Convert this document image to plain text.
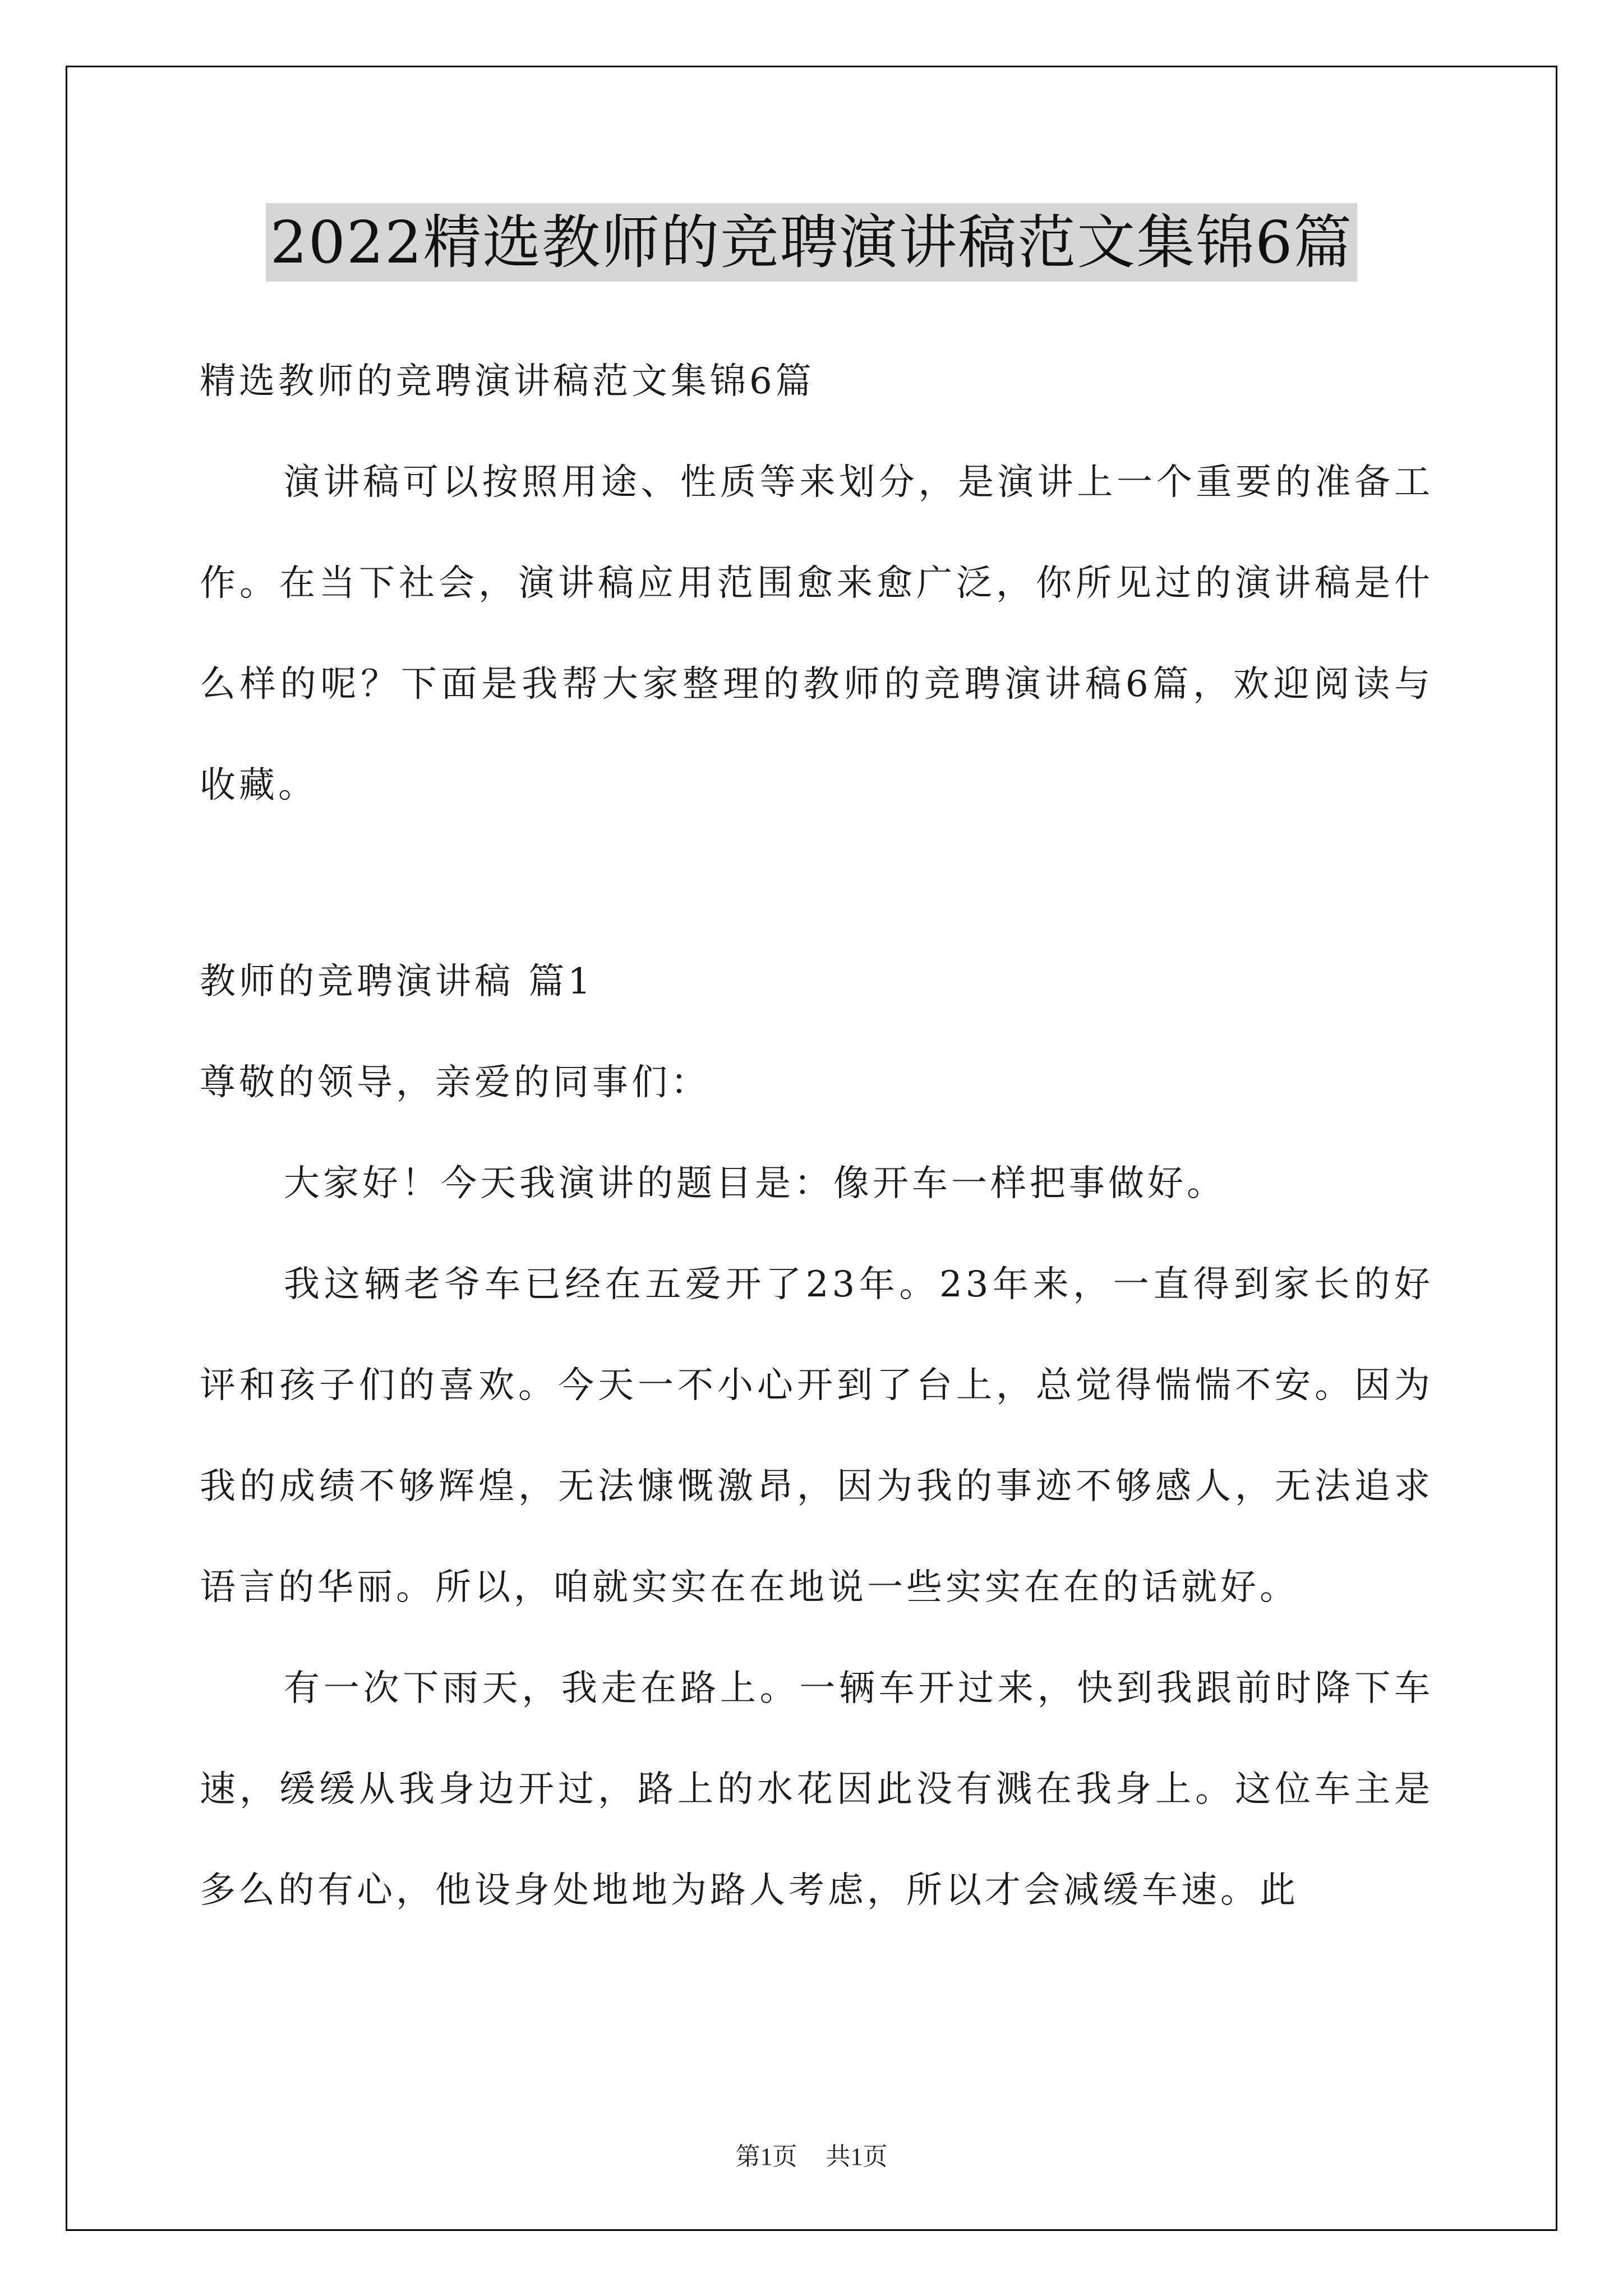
2022精选教师的竞聘演讲稿范文集锦6篇

精选教师的竞聘演讲稿范文集锦6篇

演讲稿可以按照用途、性质等来划分，是演讲上一个重要的准备工作。在当下社会，演讲稿应用范围愈来愈广泛，你所见过的演讲稿是什么样的呢？下面是我帮大家整理的教师的竞聘演讲稿6篇，欢迎阅读与收藏。

教师的竞聘演讲稿 篇1

尊敬的领导，亲爱的同事们：

大家好！今天我演讲的题目是：像开车一样把事做好。

我这辆老爷车已经在五爱开了23年。23年来，一直得到家长的好评和孩子们的喜欢。今天一不小心开到了台上，总觉得惴惴不安。因为我的成绩不够辉煌，无法慷慨激昂，因为我的事迹不够感人，无法追求语言的华丽。所以，咱就实实在在地说一些实实在在的话就好。

有一次下雨天，我走在路上。一辆车开过来，快到我跟前时降下车速，缓缓从我身边开过，路上的水花因此没有溅在我身上。这位车主是多么的有心，他设身处地地为路人考虑，所以才会减缓车速。此

第1页 共1页
